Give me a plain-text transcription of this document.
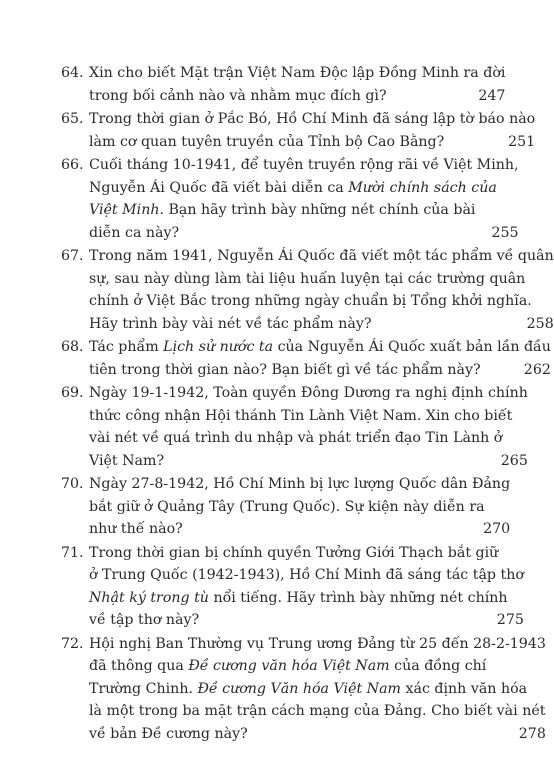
64. Xin cho biết Mặt trận Việt Nam Độc lập Đồng Minh ra đời
trong bối cảnh nào và nhằm mục đích gì?	247
65. Trong thời gian ở Pắc Bó, Hồ Chí Minh đã sáng lập tờ báo nào
làm cơ quan tuyên truyền của Tỉnh bộ Cao Bằng?	251
66. Cuối tháng 10-1941, để tuyên truyền rộng rãi về Việt Minh,
Nguyễn Ái Quốc đã viết bài diễn ca Mười chính sách của
Việt Minh. Bạn hãy trình bày những nét chính của bài
diễn ca này?	255
67. Trong năm 1941, Nguyễn Ái Quốc đã viết một tác phẩm về quân
sự, sau này dùng làm tài liệu huấn luyện tại các trường quân
chính ở Việt Bắc trong những ngày chuẩn bị Tổng khởi nghĩa.
Hãy trình bày vài nét về tác phẩm này?	258
68. Tác phẩm Lịch sử nước ta của Nguyễn Ái Quốc xuất bản lần đầu
tiên trong thời gian nào? Bạn biết gì về tác phẩm này?	262
69. Ngày 19-1-1942, Toàn quyền Đông Dương ra nghị định chính
thức công nhận Hội thánh Tin Lành Việt Nam. Xin cho biết
vài nét về quá trình du nhập và phát triển đạo Tin Lành ở
Việt Nam?	265
70. Ngày 27-8-1942, Hồ Chí Minh bị lực lượng Quốc dân Đảng
bắt giữ ở Quảng Tây (Trung Quốc). Sự kiện này diễn ra
như thế nào?	270
71. Trong thời gian bị chính quyền Tưởng Giới Thạch bắt giữ
ở Trung Quốc (1942-1943), Hồ Chí Minh đã sáng tác tập thơ
Nhật ký trong tù nổi tiếng. Hãy trình bày những nét chính
về tập thơ này?	275
72. Hội nghị Ban Thường vụ Trung ương Đảng từ 25 đến 28-2-1943
đã thông qua Đề cương văn hóa Việt Nam của đồng chí
Trường Chinh. Đề cương Văn hóa Việt Nam xác định văn hóa
là một trong ba mặt trận cách mạng của Đảng. Cho biết vài nét
về bản Đề cương này?	278
